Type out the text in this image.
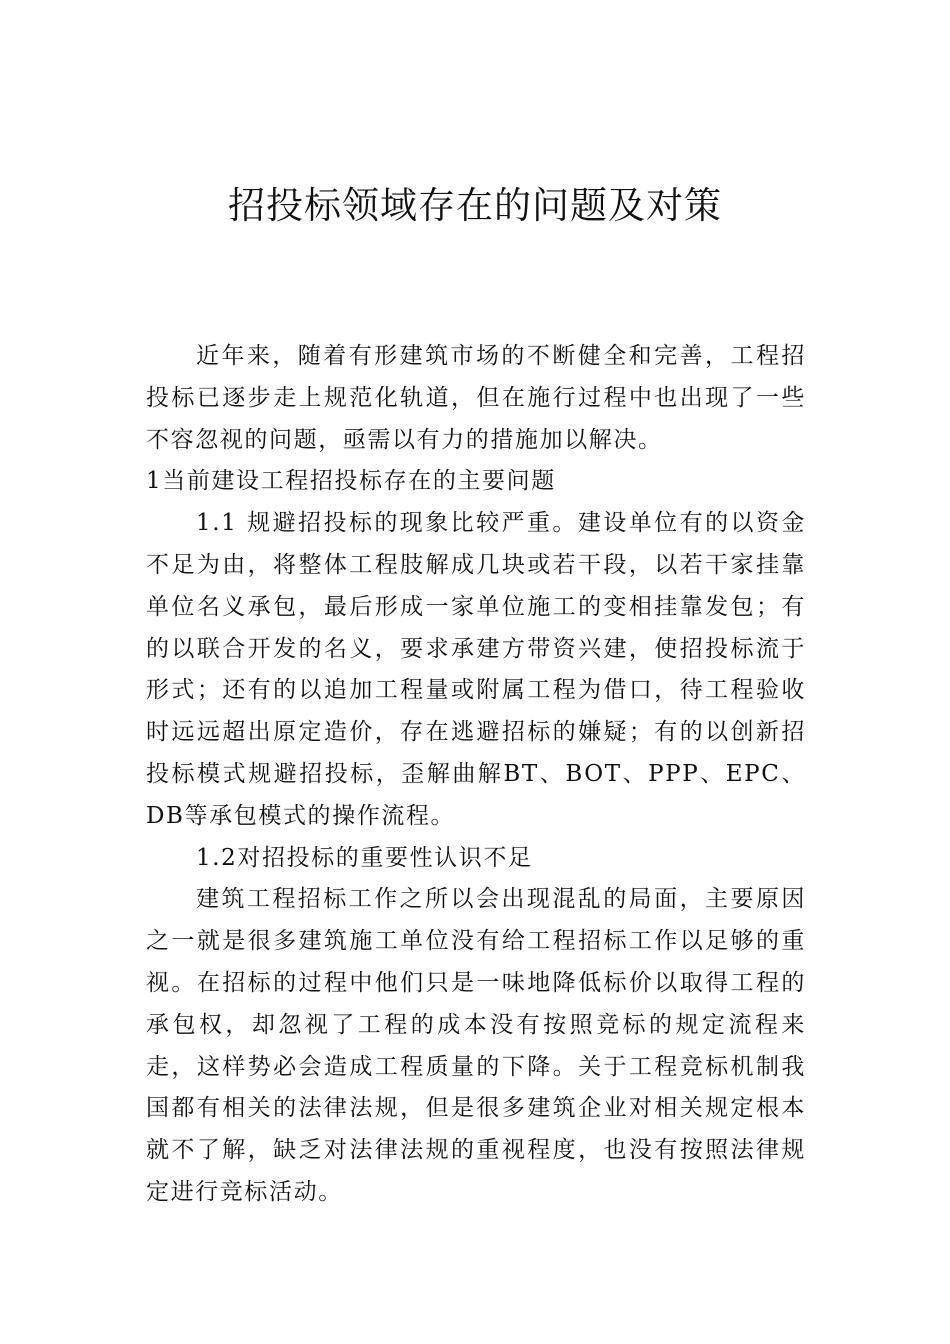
招投标领域存在的问题及对策

近年来，随着有形建筑市场的不断健全和完善，工程招投标已逐步走上规范化轨道，但在施行过程中也出现了一些不容忽视的问题，亟需以有力的措施加以解决。

1当前建设工程招投标存在的主要问题

1.1 规避招投标的现象比较严重。建设单位有的以资金不足为由，将整体工程肢解成几块或若干段，以若干家挂靠单位名义承包，最后形成一家单位施工的变相挂靠发包；有的以联合开发的名义，要求承建方带资兴建，使招投标流于形式；还有的以追加工程量或附属工程为借口，待工程验收时远远超出原定造价，存在逃避招标的嫌疑；有的以创新招投标模式规避招投标，歪解曲解BT、BOT、PPP、EPC、DB等承包模式的操作流程。

1.2对招投标的重要性认识不足

建筑工程招标工作之所以会出现混乱的局面，主要原因之一就是很多建筑施工单位没有给工程招标工作以足够的重视。在招标的过程中他们只是一味地降低标价以取得工程的承包权，却忽视了工程的成本没有按照竞标的规定流程来走，这样势必会造成工程质量的下降。关于工程竞标机制我国都有相关的法律法规，但是很多建筑企业对相关规定根本就不了解，缺乏对法律法规的重视程度，也没有按照法律规定进行竞标活动。
